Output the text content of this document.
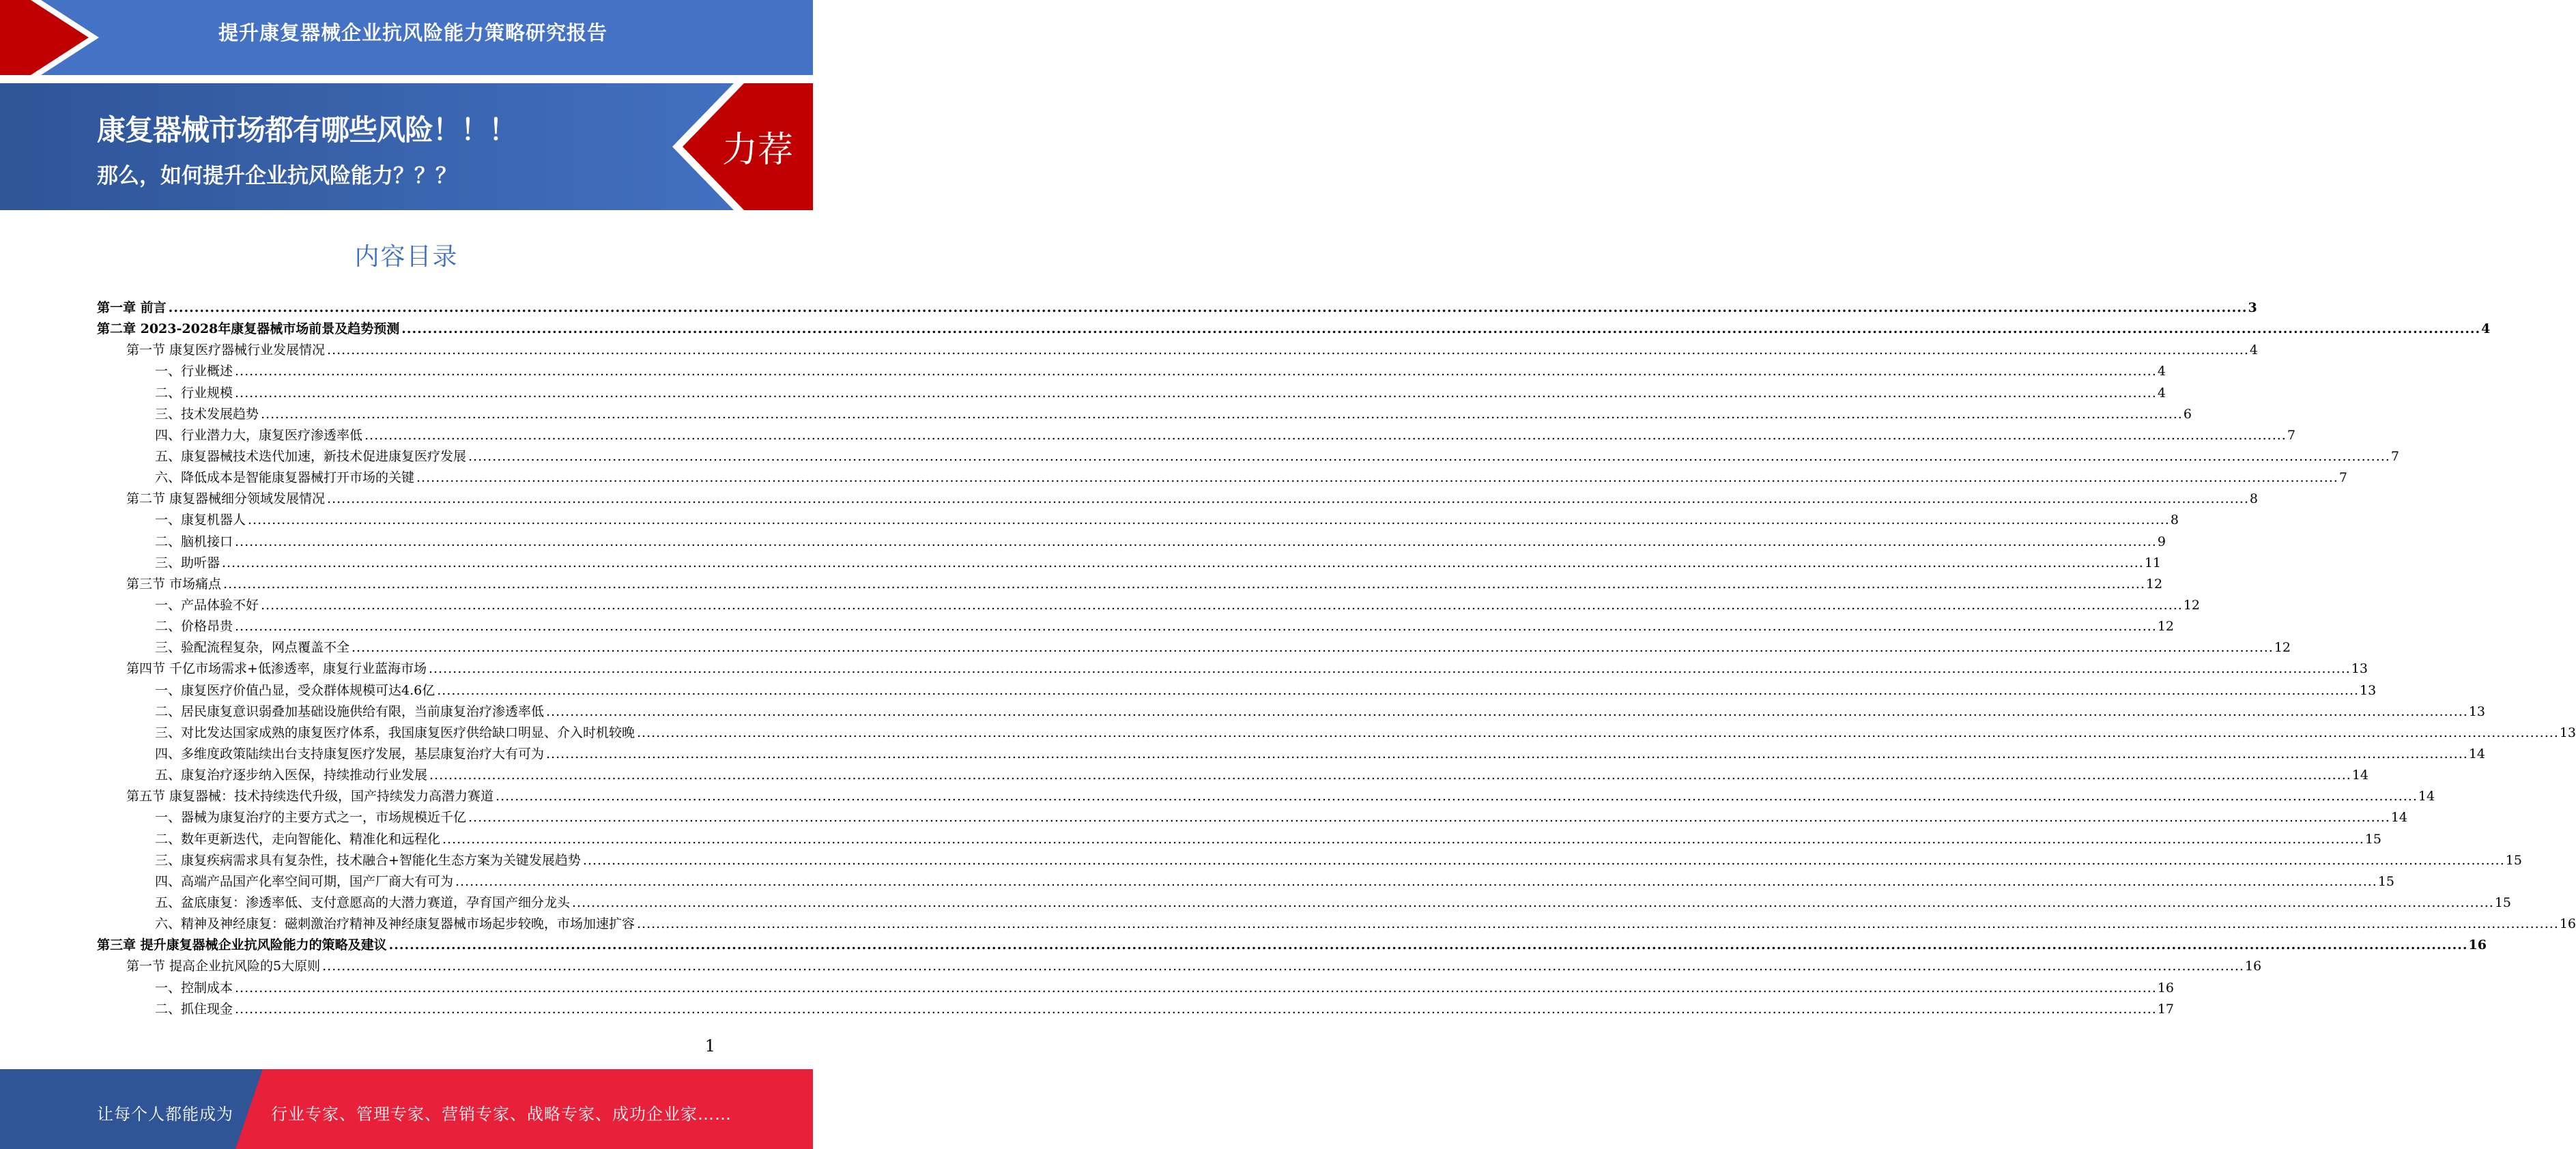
提升康复器械企业抗风险能力策略研究报告
康复器械市场都有哪些风险！！！
那么，如何提升企业抗风险能力？？？
力荐
内容目录
第一章 前言 ................................................................................................................................................................................................................................................................................................................................................................................................................ 3
第二章 2023-2028年康复器械市场前景及趋势预测 ................................................................................................................................................................................................................................................................................................................................................................................................................ 4
第一节 康复医疗器械行业发展情况 ................................................................................................................................................................................................................................................................................................................................................................................................................ 4
一、行业概述 ................................................................................................................................................................................................................................................................................................................................................................................................................ 4
二、行业规模 ................................................................................................................................................................................................................................................................................................................................................................................................................ 4
三、技术发展趋势 ................................................................................................................................................................................................................................................................................................................................................................................................................ 6
四、行业潜力大，康复医疗渗透率低 ................................................................................................................................................................................................................................................................................................................................................................................................................ 7
五、康复器械技术迭代加速，新技术促进康复医疗发展 ................................................................................................................................................................................................................................................................................................................................................................................................................ 7
六、降低成本是智能康复器械打开市场的关键 ................................................................................................................................................................................................................................................................................................................................................................................................................ 7
第二节 康复器械细分领域发展情况 ................................................................................................................................................................................................................................................................................................................................................................................................................ 8
一、康复机器人 ................................................................................................................................................................................................................................................................................................................................................................................................................ 8
二、脑机接口 ................................................................................................................................................................................................................................................................................................................................................................................................................ 9
三、助听器 ................................................................................................................................................................................................................................................................................................................................................................................................................ 11
第三节 市场痛点 ................................................................................................................................................................................................................................................................................................................................................................................................................ 12
一、产品体验不好 ................................................................................................................................................................................................................................................................................................................................................................................................................ 12
二、价格昂贵 ................................................................................................................................................................................................................................................................................................................................................................................................................ 12
三、验配流程复杂，网点覆盖不全 ................................................................................................................................................................................................................................................................................................................................................................................................................ 12
第四节 千亿市场需求+低渗透率，康复行业蓝海市场 ................................................................................................................................................................................................................................................................................................................................................................................................................ 13
一、康复医疗价值凸显，受众群体规模可达4.6亿 ................................................................................................................................................................................................................................................................................................................................................................................................................ 13
二、居民康复意识弱叠加基础设施供给有限，当前康复治疗渗透率低 ................................................................................................................................................................................................................................................................................................................................................................................................................ 13
三、对比发达国家成熟的康复医疗体系，我国康复医疗供给缺口明显、介入时机较晚 ................................................................................................................................................................................................................................................................................................................................................................................................................ 13
四、多维度政策陆续出台支持康复医疗发展，基层康复治疗大有可为 ................................................................................................................................................................................................................................................................................................................................................................................................................ 14
五、康复治疗逐步纳入医保，持续推动行业发展 ................................................................................................................................................................................................................................................................................................................................................................................................................ 14
第五节 康复器械：技术持续迭代升级，国产持续发力高潜力赛道 ................................................................................................................................................................................................................................................................................................................................................................................................................ 14
一、器械为康复治疗的主要方式之一，市场规模近千亿 ................................................................................................................................................................................................................................................................................................................................................................................................................ 14
二、数年更新迭代，走向智能化、精准化和远程化 ................................................................................................................................................................................................................................................................................................................................................................................................................ 15
三、康复疾病需求具有复杂性，技术融合+智能化生态方案为关键发展趋势 ................................................................................................................................................................................................................................................................................................................................................................................................................ 15
四、高端产品国产化率空间可期，国产厂商大有可为 ................................................................................................................................................................................................................................................................................................................................................................................................................ 15
五、盆底康复：渗透率低、支付意愿高的大潜力赛道，孕育国产细分龙头 ................................................................................................................................................................................................................................................................................................................................................................................................................ 15
六、精神及神经康复：磁刺激治疗精神及神经康复器械市场起步较晚，市场加速扩容 ................................................................................................................................................................................................................................................................................................................................................................................................................ 16
第三章 提升康复器械企业抗风险能力的策略及建议 ................................................................................................................................................................................................................................................................................................................................................................................................................ 16
第一节 提高企业抗风险的5大原则 ................................................................................................................................................................................................................................................................................................................................................................................................................ 16
一、控制成本 ................................................................................................................................................................................................................................................................................................................................................................................................................ 16
二、抓住现金 ................................................................................................................................................................................................................................................................................................................................................................................................................ 17
1
让每个人都能成为 行业专家、管理专家、营销专家、战略专家、成功企业家……
